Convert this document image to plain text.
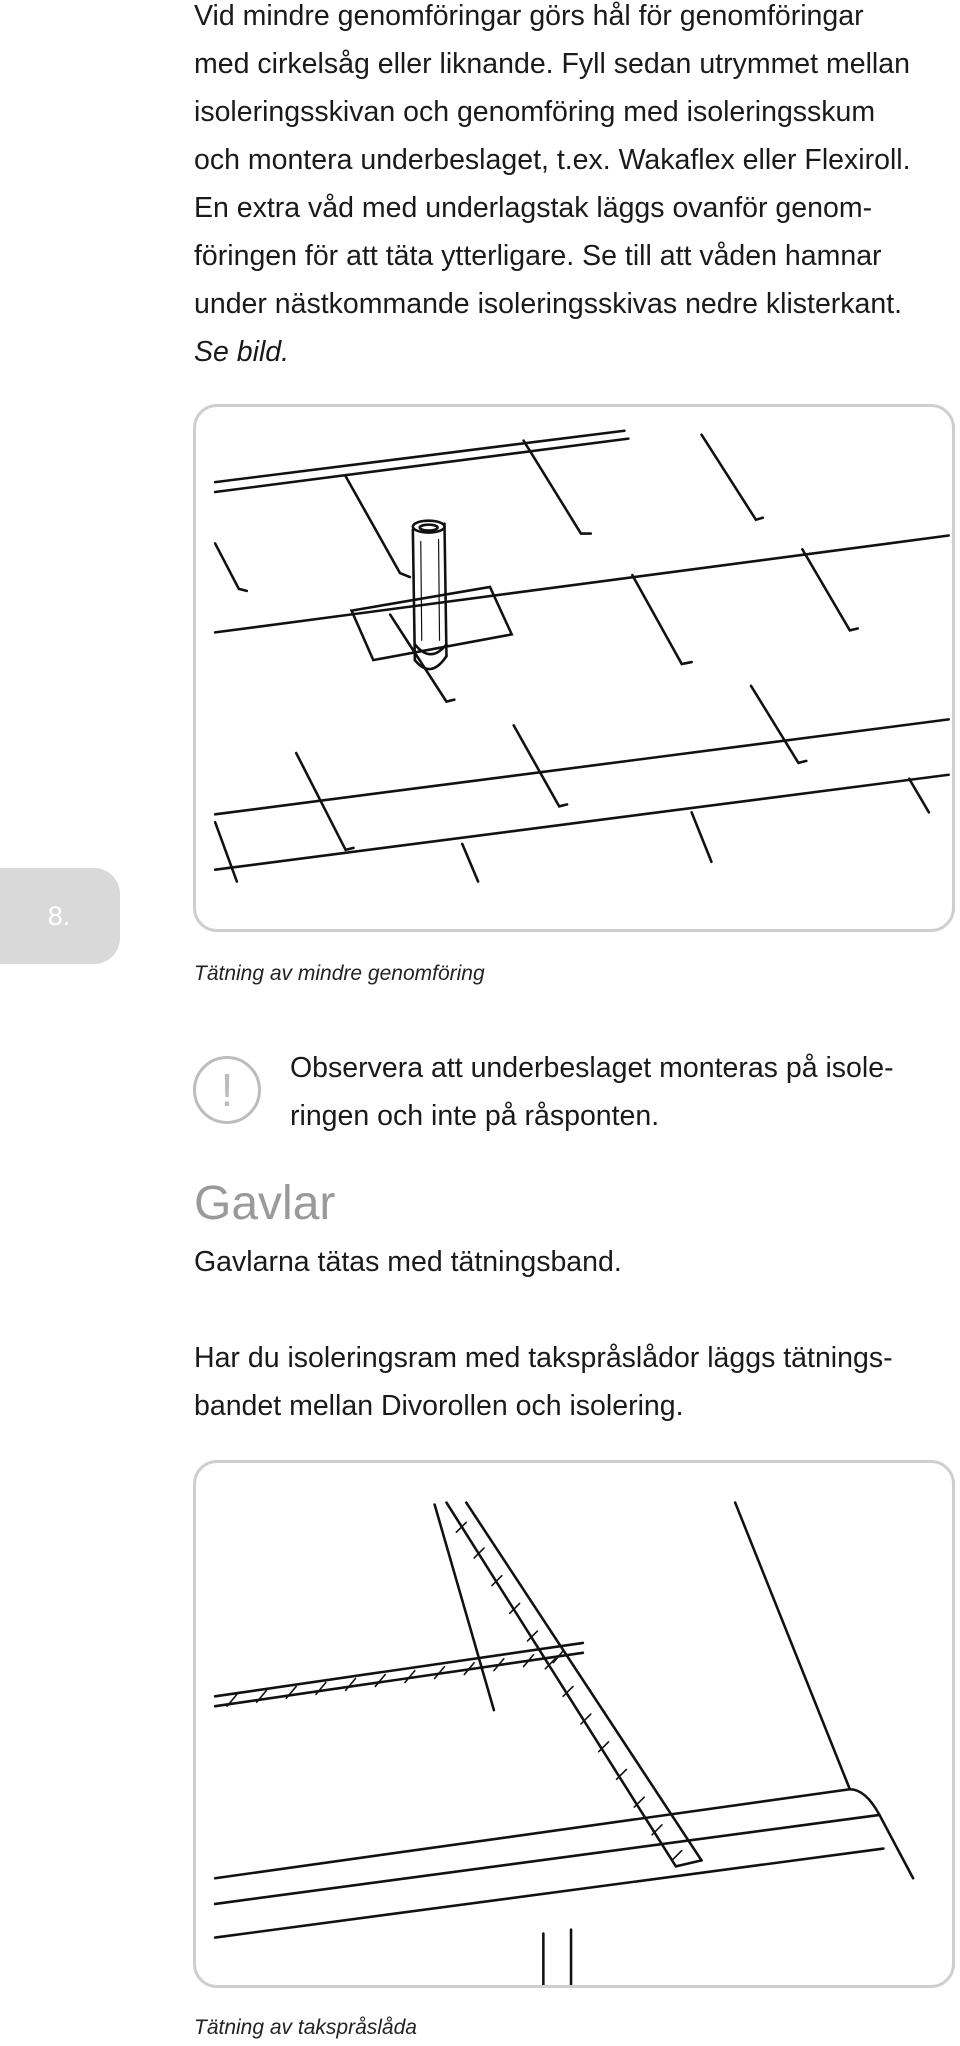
Vid mindre genomföringar görs hål för genomföringar
med cirkelsåg eller liknande. Fyll sedan utrymmet mellan
isoleringsskivan och genomföring med isoleringsskum
och montera underbeslaget, t.ex. Wakaflex eller Flexiroll.
En extra våd med underlagstak läggs ovanför genom-
föringen för att täta ytterligare. Se till att våden hamnar
under nästkommande isoleringsskivas nedre klisterkant.

Se bild.

8.
Tätning av mindre genomföring
! Observera att underbeslaget monteras på isole-
ringen och inte på råsponten.
Gavlar

Gavlarna tätas med tätningsband.

Har du isoleringsram med takspråslådor läggs tätnings-
bandet mellan Divorollen och isolering.

Tätning av takspråslåda
